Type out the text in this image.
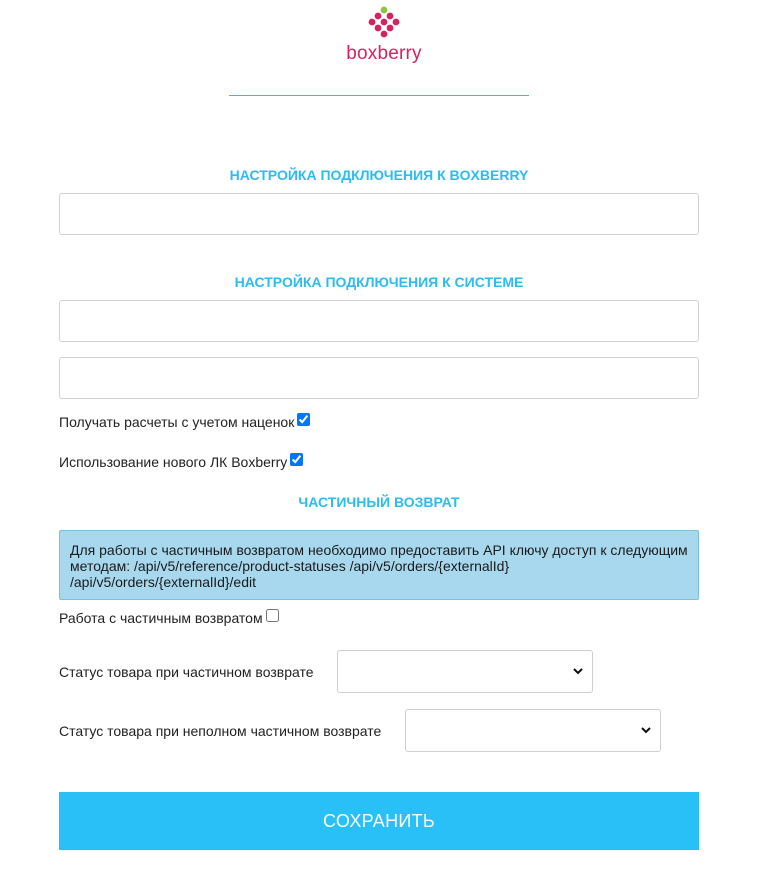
boxberry
НАСТРОЙКА ПОДКЛЮЧЕНИЯ К BOXBERRY
НАСТРОЙКА ПОДКЛЮЧЕНИЯ К СИСТЕМЕ
Получать расчеты с учетом наценок
Использование нового ЛК Boxberry
ЧАСТИЧНЫЙ ВОЗВРАТ
Для работы с частичным возвратом необходимо предоставить API ключу доступ к следующим
методам: /api/v5/reference/product-statuses /api/v5/orders/{externalId}
/api/v5/orders/{externalId}/edit
Работа с частичным возвратом
Статус товара при частичном возврате
Статус товара при неполном частичном возврате
СОХРАНИТЬ
